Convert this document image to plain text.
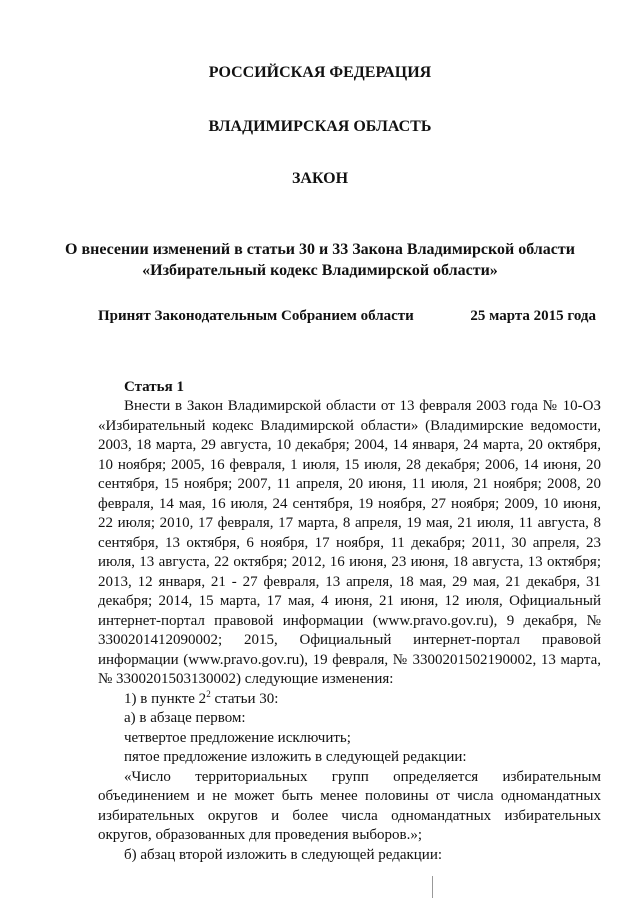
РОССИЙСКАЯ ФЕДЕРАЦИЯ
ВЛАДИМИРСКАЯ ОБЛАСТЬ
ЗАКОН
О внесении изменений в статьи 30 и 33 Закона Владимирской области
«Избирательный кодекс Владимирской области»
Принят Законодательным Собранием области	25 марта 2015 года
Статья 1

Внести в Закон Владимирской области от 13 февраля 2003 года № 10-ОЗ «Избирательный кодекс Владимирской области» (Владимирские ведомости, 2003, 18 марта, 29 августа, 10 декабря; 2004, 14 января, 24 марта, 20 октября, 10 ноября; 2005, 16 февраля, 1 июля, 15 июля, 28 декабря; 2006, 14 июня, 20 сентября, 15 ноября; 2007, 11 апреля, 20 июня, 11 июля, 21 ноября; 2008, 20 февраля, 14 мая, 16 июля, 24 сентября, 19 ноября, 27 ноября; 2009, 10 июня, 22 июля; 2010, 17 февраля, 17 марта, 8 апреля, 19 мая, 21 июля, 11 августа, 8 сентября, 13 октября, 6 ноября, 17 ноября, 11 декабря; 2011, 30 апреля, 23 июля, 13 августа, 22 октября; 2012, 16 июня, 23 июня, 18 августа, 13 октября; 2013, 12 января, 21 - 27 февраля, 13 апреля, 18 мая, 29 мая, 21 декабря, 31 декабря; 2014, 15 марта, 17 мая, 4 июня, 21 июня, 12 июля, Официальный интернет-портал правовой информации (www.pravo.gov.ru), 9 декабря, № 3300201412090002; 2015, Официальный интернет-портал правовой информации (www.pravo.gov.ru), 19 февраля, № 3300201502190002, 13 марта, № 3300201503130002) следующие изменения:

1) в пункте $2^2$ статьи 30:

а) в абзаце первом:

четвертое предложение исключить;

пятое предложение изложить в следующей редакции:

«Число территориальных групп определяется избирательным объединением и не может быть менее половины от числа одномандатных избирательных округов и более числа одномандатных избирательных округов, образованных для проведения выборов.»;

б) абзац второй изложить в следующей редакции:
